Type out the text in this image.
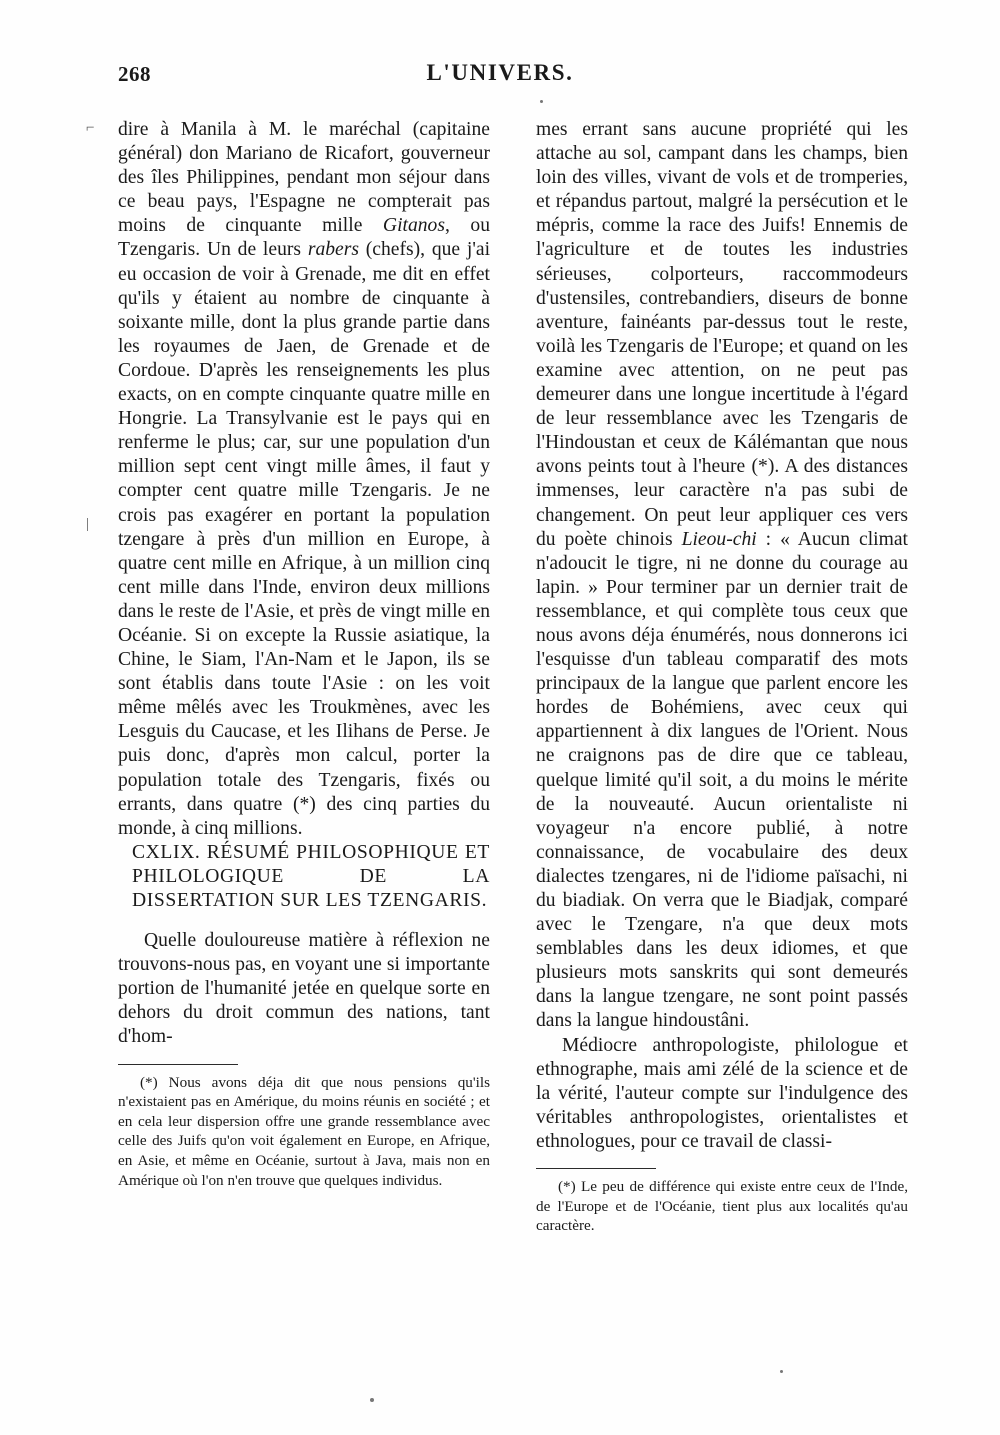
⌐
|
268	L'UNIVERS.

dire à Manila à M. le maréchal (capitaine général) don Mariano de Ricafort, gouverneur des îles Philippines, pendant mon séjour dans ce beau pays, l'Espagne ne compterait pas moins de cinquante mille Gitanos, ou Tzengaris. Un de leurs rabers (chefs), que j'ai eu occasion de voir à Grenade, me dit en effet qu'ils y étaient au nombre de cinquante à soixante mille, dont la plus grande partie dans les royaumes de Jaen, de Grenade et de Cordoue. D'après les renseignements les plus exacts, on en compte cinquante quatre mille en Hongrie. La Transylvanie est le pays qui en renferme le plus; car, sur une population d'un million sept cent vingt mille âmes, il faut y compter cent quatre mille Tzengaris. Je ne crois pas exagérer en portant la population tzengare à près d'un million en Europe, à quatre cent mille en Afrique, à un million cinq cent mille dans l'Inde, environ deux millions dans le reste de l'Asie, et près de vingt mille en Océanie. Si on excepte la Russie asiatique, la Chine, le Siam, l'An-Nam et le Japon, ils se sont établis dans toute l'Asie : on les voit même mêlés avec les Troukmènes, avec les Lesguis du Caucase, et les Ilihans de Perse. Je puis donc, d'après mon calcul, porter la population totale des Tzengaris, fixés ou errants, dans quatre (*) des cinq parties du monde, à cinq millions.

CXLIX. RÉSUMÉ PHILOSOPHIQUE ET PHILOLOGIQUE DE LA DISSERTATION SUR LES TZENGARIS.

Quelle douloureuse matière à réflexion ne trouvons-nous pas, en voyant une si importante portion de l'humanité jetée en quelque sorte en dehors du droit commun des nations, tant d'hom-

(*) Nous avons déja dit que nous pensions qu'ils n'existaient pas en Amérique, du moins réunis en société ; et en cela leur dispersion offre une grande ressemblance avec celle des Juifs qu'on voit également en Europe, en Afrique, en Asie, et même en Océanie, surtout à Java, mais non en Amérique où l'on n'en trouve que quelques individus.

mes errant sans aucune propriété qui les attache au sol, campant dans les champs, bien loin des villes, vivant de vols et de tromperies, et répandus partout, malgré la persécution et le mépris, comme la race des Juifs! Ennemis de l'agriculture et de toutes les industries sérieuses, colporteurs, raccommodeurs d'ustensiles, contrebandiers, diseurs de bonne aventure, fainéants par-dessus tout le reste, voilà les Tzengaris de l'Europe; et quand on les examine avec attention, on ne peut pas demeurer dans une longue incertitude à l'égard de leur ressemblance avec les Tzengaris de l'Hindoustan et ceux de Kálémantan que nous avons peints tout à l'heure (*). A des distances immenses, leur caractère n'a pas subi de changement. On peut leur appliquer ces vers du poète chinois Lieou-chi : « Aucun climat n'adoucit le tigre, ni ne donne du courage au lapin. » Pour terminer par un dernier trait de ressemblance, et qui complète tous ceux que nous avons déja énumérés, nous donnerons ici l'esquisse d'un tableau comparatif des mots principaux de la langue que parlent encore les hordes de Bohémiens, avec ceux qui appartiennent à dix langues de l'Orient. Nous ne craignons pas de dire que ce tableau, quelque limité qu'il soit, a du moins le mérite de la nouveauté. Aucun orientaliste ni voyageur n'a encore publié, à notre connaissance, de vocabulaire des deux dialectes tzengares, ni de l'idiome païsachi, ni du biadiak. On verra que le Biadjak, comparé avec le Tzengare, n'a que deux mots semblables dans les deux idiomes, et que plusieurs mots sanskrits qui sont demeurés dans la langue tzengare, ne sont point passés dans la langue hindoustâni.

Médiocre anthropologiste, philologue et ethnographe, mais ami zélé de la science et de la vérité, l'auteur compte sur l'indulgence des véritables anthropologistes, orientalistes et ethnologues, pour ce travail de classi-

(*) Le peu de différence qui existe entre ceux de l'Inde, de l'Europe et de l'Océanie, tient plus aux localités qu'au caractère.
